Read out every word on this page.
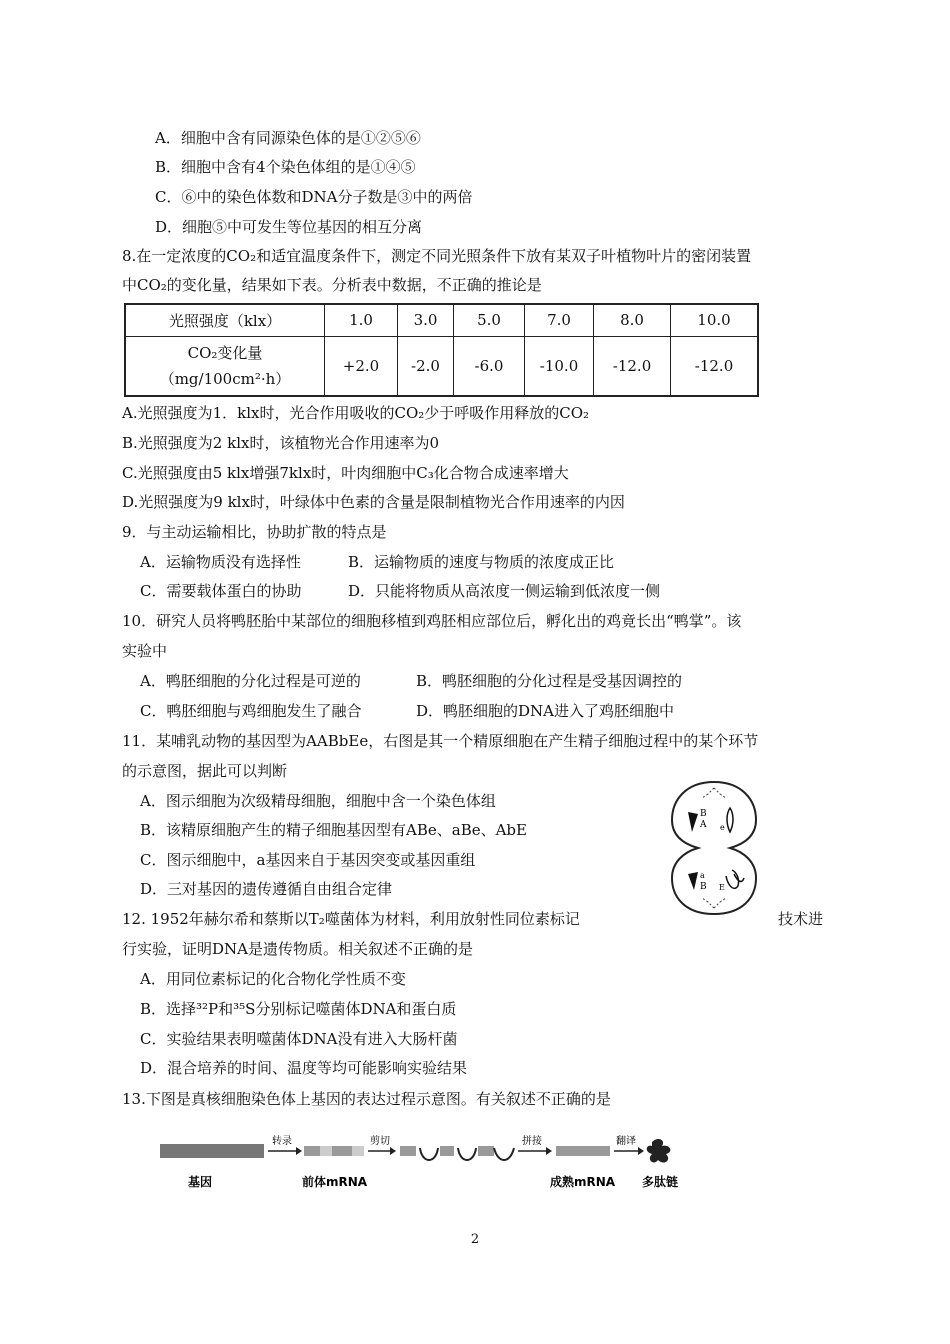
A．细胞中含有同源染色体的是①②⑤⑥
B．细胞中含有4个染色体组的是①④⑤
C．⑥中的染色体数和DNA分子数是③中的两倍
D．细胞⑤中可发生等位基因的相互分离
8.在一定浓度的CO₂和适宜温度条件下，测定不同光照条件下放有某双子叶植物叶片的密闭装置
中CO₂的变化量，结果如下表。分析表中数据，不正确的推论是
光照强度（klx）	1.0	3.0	5.0	7.0	8.0	10.0

CO₂变化量
（mg/100cm²·h）	+2.0	-2.0	-6.0	-10.0	-12.0	-12.0
A.光照强度为1．klx时，光合作用吸收的CO₂少于呼吸作用释放的CO₂
B.光照强度为2 klx时，该植物光合作用速率为0
C.光照强度由5 klx增强7klx时，叶肉细胞中C₃化合物合成速率增大
D.光照强度为9 klx时，叶绿体中色素的含量是限制植物光合作用速率的内因
9．与主动运输相比，协助扩散的特点是
A．运输物质没有选择性	B．运输物质的速度与物质的浓度成正比
C．需要载体蛋白的协助	D．只能将物质从高浓度一侧运输到低浓度一侧
10．研究人员将鸭胚胎中某部位的细胞移植到鸡胚相应部位后，孵化出的鸡竟长出“鸭掌”。该
实验中
A．鸭胚细胞的分化过程是可逆的	B．鸭胚细胞的分化过程是受基因调控的
C．鸭胚细胞与鸡细胞发生了融合	D．鸭胚细胞的DNA进入了鸡胚细胞中
11．某哺乳动物的基因型为AABbEe，右图是其一个精原细胞在产生精子细胞过程中的某个环节
的示意图，据此可以判断
A．图示细胞为次级精母细胞，细胞中含一个染色体组
B．该精原细胞产生的精子细胞基因型有ABe、aBe、AbE
C．图示细胞中，a基因来自于基因突变或基因重组
D．三对基因的遗传遵循自由组合定律
B
A e
a
B E
12. 1952年赫尔希和蔡斯以T₂噬菌体为材料，利用放射性同位素标记	技术进
行实验，证明DNA是遗传物质。相关叙述不正确的是
A．用同位素标记的化合物化学性质不变
B．选择³²P和³⁵S分别标记噬菌体DNA和蛋白质
C．实验结果表明噬菌体DNA没有进入大肠杆菌
D．混合培养的时间、温度等均可能影响实验结果
13.下图是真核细胞染色体上基因的表达过程示意图。有关叙述不正确的是
转录	剪切	拼接	翻译
基因	前体mRNA	成熟mRNA 多肽链
2
